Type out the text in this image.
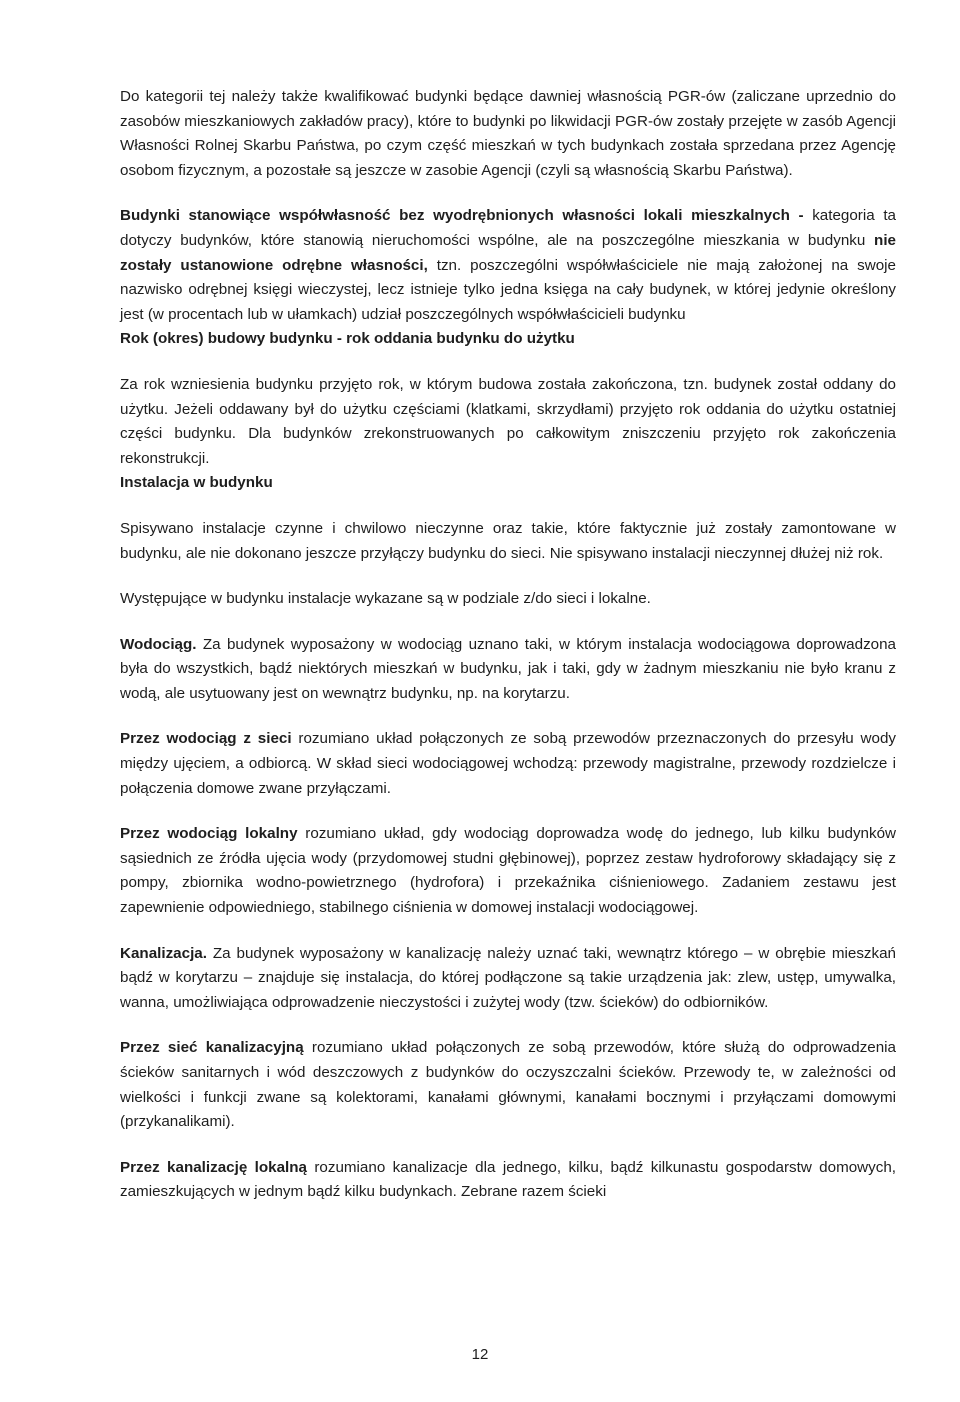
Do kategorii tej należy także kwalifikować budynki będące dawniej własnością PGR-ów (zaliczane uprzednio do zasobów mieszkaniowych zakładów pracy), które to budynki po likwidacji PGR-ów zostały przejęte w zasób Agencji Własności Rolnej Skarbu Państwa, po czym część mieszkań w tych budynkach została sprzedana przez Agencję osobom fizycznym, a pozostałe są jeszcze w zasobie Agencji (czyli są własnością Skarbu Państwa).

Budynki stanowiące współwłasność bez wyodrębnionych własności lokali mieszkalnych - kategoria ta dotyczy budynków, które stanowią nieruchomości wspólne, ale na poszczególne mieszkania w budynku nie zostały ustanowione odrębne własności, tzn. poszczególni współwłaściciele nie mają założonej na swoje nazwisko odrębnej księgi wieczystej, lecz istnieje tylko jedna księga na cały budynek, w której jedynie określony jest (w procentach lub w ułamkach) udział poszczególnych współwłaścicieli budynku

Rok (okres) budowy budynku - rok oddania budynku do użytku

Za rok wzniesienia budynku przyjęto rok, w którym budowa została zakończona, tzn. budynek został oddany do użytku. Jeżeli oddawany był do użytku częściami (klatkami, skrzydłami) przyjęto rok oddania do użytku ostatniej części budynku. Dla budynków zrekonstruowanych po całkowitym zniszczeniu przyjęto rok zakończenia rekonstrukcji.

Instalacja w budynku

Spisywano instalacje czynne i chwilowo nieczynne oraz takie, które faktycznie już zostały zamontowane w budynku, ale nie dokonano jeszcze przyłączy budynku do sieci. Nie spisywano instalacji nieczynnej dłużej niż rok.

Występujące w budynku instalacje wykazane są w podziale z/do sieci i lokalne.

Wodociąg. Za budynek wyposażony w wodociąg uznano taki, w którym instalacja wodociągowa doprowadzona była do wszystkich, bądź niektórych mieszkań w budynku, jak i taki, gdy w żadnym mieszkaniu nie było kranu z wodą, ale usytuowany jest on wewnątrz budynku, np. na korytarzu.

Przez wodociąg z sieci rozumiano układ połączonych ze sobą przewodów przeznaczonych do przesyłu wody między ujęciem, a odbiorcą. W skład sieci wodociągowej wchodzą: przewody magistralne, przewody rozdzielcze i połączenia domowe zwane przyłączami.

Przez wodociąg lokalny rozumiano układ, gdy wodociąg doprowadza wodę do jednego, lub kilku budynków sąsiednich ze źródła ujęcia wody (przydomowej studni głębinowej), poprzez zestaw hydroforowy składający się z pompy, zbiornika wodno-powietrznego (hydrofora) i przekaźnika ciśnieniowego. Zadaniem zestawu jest zapewnienie odpowiedniego, stabilnego ciśnienia w domowej instalacji wodociągowej.

Kanalizacja. Za budynek wyposażony w kanalizację należy uznać taki, wewnątrz którego – w obrębie mieszkań bądź w korytarzu – znajduje się instalacja, do której podłączone są takie urządzenia jak: zlew, ustęp, umywalka, wanna, umożliwiająca odprowadzenie nieczystości i zużytej wody (tzw. ścieków) do odbiorników.

Przez sieć kanalizacyjną rozumiano układ połączonych ze sobą przewodów, które służą do odprowadzenia ścieków sanitarnych i wód deszczowych z budynków do oczyszczalni ścieków. Przewody te, w zależności od wielkości i funkcji zwane są kolektorami, kanałami głównymi, kanałami bocznymi i przyłączami domowymi (przykanalikami).

Przez kanalizację lokalną rozumiano kanalizacje dla jednego, kilku, bądź kilkunastu gospodarstw domowych, zamieszkujących w jednym bądź kilku budynkach. Zebrane razem ścieki

12
